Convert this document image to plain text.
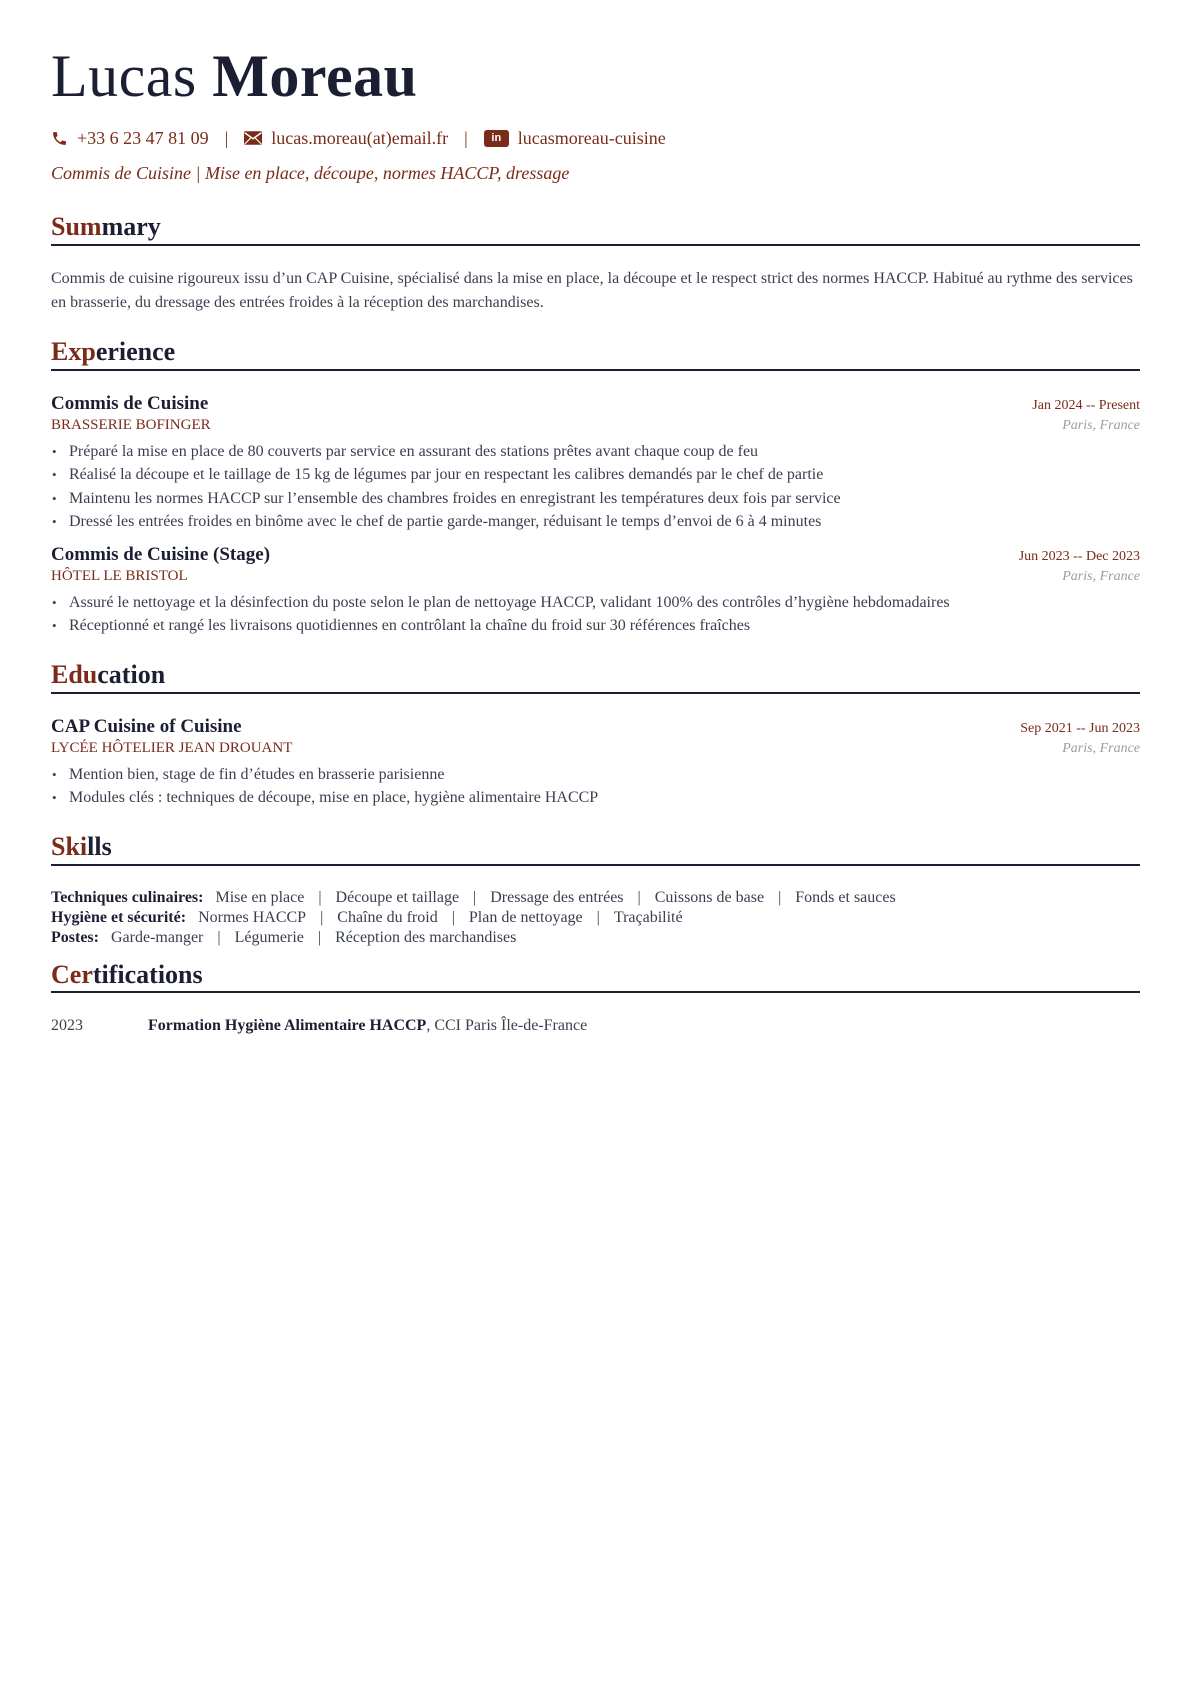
Lucas Moreau
+33 6 23 47 81 09 | lucas.moreau(at)email.fr |	in lucasmoreau-cuisine
Commis de Cuisine | Mise en place, découpe, normes HACCP, dressage
Summary
Commis de cuisine rigoureux issu d’un CAP Cuisine, spécialisé dans la mise en place, la découpe et le respect strict des normes HACCP. Habitué au rythme des services en brasserie, du dressage des entrées froides à la réception des marchandises.
Experience
Commis de Cuisine	Jan 2024 -- Present
BRASSERIE BOFINGER	Paris, France
• Préparé la mise en place de 80 couverts par service en assurant des stations prêtes avant chaque coup de feu
• Réalisé la découpe et le taillage de 15 kg de légumes par jour en respectant les calibres demandés par le chef de partie
• Maintenu les normes HACCP sur l’ensemble des chambres froides en enregistrant les températures deux fois par service
• Dressé les entrées froides en binôme avec le chef de partie garde-manger, réduisant le temps d’envoi de 6 à 4 minutes
Commis de Cuisine (Stage)	Jun 2023 -- Dec 2023
HÔTEL LE BRISTOL	Paris, France
• Assuré le nettoyage et la désinfection du poste selon le plan de nettoyage HACCP, validant 100% des contrôles d’hygiène hebdomadaires
• Réceptionné et rangé les livraisons quotidiennes en contrôlant la chaîne du froid sur 30 références fraîches
Education
CAP Cuisine of Cuisine	Sep 2021 -- Jun 2023
LYCÉE HÔTELIER JEAN DROUANT	Paris, France
• Mention bien, stage de fin d’études en brasserie parisienne
• Modules clés : techniques de découpe, mise en place, hygiène alimentaire HACCP
Skills
Techniques culinaires: Mise en place | Découpe et taillage | Dressage des entrées | Cuissons de base | Fonds et sauces
Hygiène et sécurité: Normes HACCP | Chaîne du froid | Plan de nettoyage | Traçabilité
Postes: Garde-manger | Légumerie | Réception des marchandises
Certifications
2023	Formation Hygiène Alimentaire HACCP, CCI Paris Île-de-France
